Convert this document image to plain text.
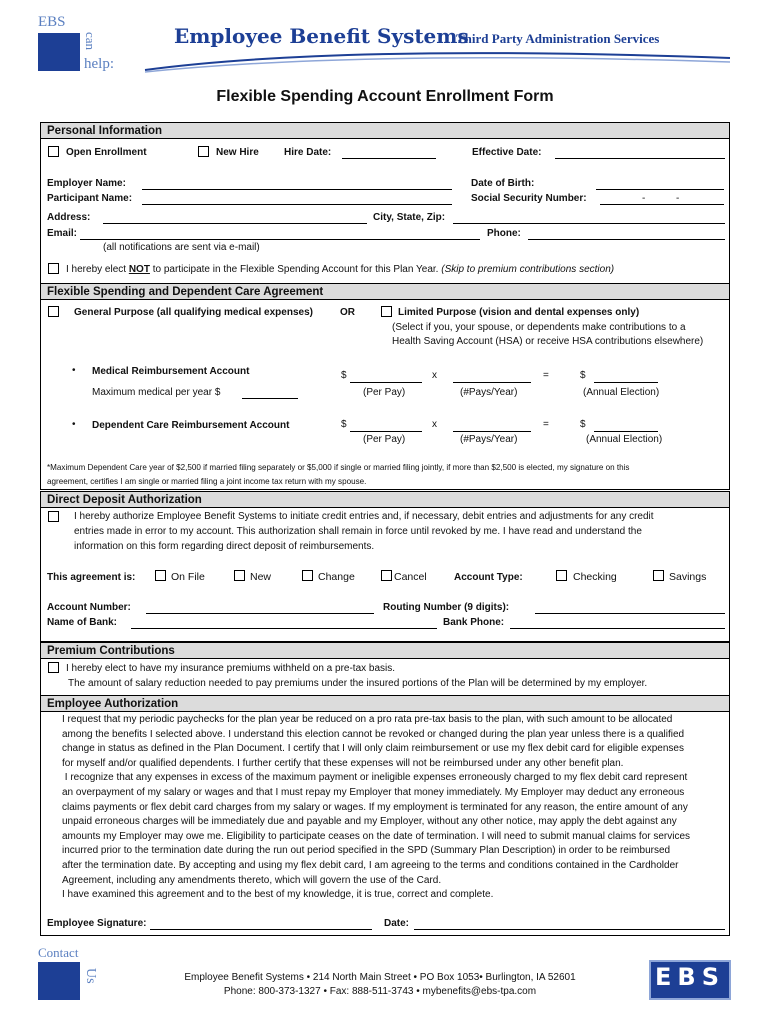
EBS
can
help:
Employee Benefit Systems
Third Party Administration Services
Flexible Spending Account Enrollment Form
Personal Information
Open Enrollment	New Hire	Hire Date:	Effective Date:
Employer Name:
Participant Name:
Date of Birth:
Social Security Number:	-	-
Address:	City, State, Zip:
Email:	Phone:
(all notifications are sent via e-mail)
I hereby elect NOT to participate in the Flexible Spending Account for this Plan Year. (Skip to premium contributions section)
Flexible Spending and Dependent Care Agreement
General Purpose (all qualifying medical expenses)	OR	Limited Purpose (vision and dental expenses only)
(Select if you, your spouse, or dependents make contributions to a
Health Saving Account (HSA) or receive HSA contributions elsewhere)
• Medical Reimbursement Account
Maximum medical per year $
$	x	=	$
(Per Pay)	(#Pays/Year)	(Annual Election)
• Dependent Care Reimbursement Account	$	x	=	$
(Per Pay)	(#Pays/Year)	(Annual Election)
*Maximum Dependent Care year of $2,500 if married filing separately or $5,000 if single or married filing jointly, if more than $2,500 is elected, my signature on this
agreement, certifies I am single or married filing a joint income tax return with my spouse.
Direct Deposit Authorization
I hereby authorize Employee Benefit Systems to initiate credit entries and, if necessary, debit entries and adjustments for any credit
entries made in error to my account. This authorization shall remain in force until revoked by me. I have read and understand the
information on this form regarding direct deposit of reimbursements.
This agreement is:	On File	New	Change	Cancel	Account Type:	Checking	Savings
Account Number:	Routing Number (9 digits):
Name of Bank:	Bank Phone:
Premium Contributions
I hereby elect to have my insurance premiums withheld on a pre-tax basis.
The amount of salary reduction needed to pay premiums under the insured portions of the Plan will be determined by my employer.
Employee Authorization
I request that my periodic paychecks for the plan year be reduced on a pro rata pre-tax basis to the plan, with such amount to be allocated
among the benefits I selected above. I understand this election cannot be revoked or changed during the plan year unless there is a qualified
change in status as defined in the Plan Document. I certify that I will only claim reimbursement or use my flex debit card for eligible expenses
for myself and/or qualified dependents. I further certify that these expenses will not be reimbursed under any other benefit plan.
I recognize that any expenses in excess of the maximum payment or ineligible expenses erroneously charged to my flex debit card represent
an overpayment of my salary or wages and that I must repay my Employer that money immediately. My Employer may deduct any erroneous
claims payments or flex debit card charges from my salary or wages. If my employment is terminated for any reason, the entire amount of any
unpaid erroneous charges will be immediately due and payable and my Employer, without any other notice, may apply the debt against any
amounts my Employer may owe me. Eligibility to participate ceases on the date of termination. I will need to submit manual claims for services
incurred prior to the termination date during the run out period specified in the SPD (Summary Plan Description) in order to be reimbursed
after the termination date. By accepting and using my flex debit card, I am agreeing to the terms and conditions contained in the Cardholder
Agreement, including any amendments thereto, which will govern the use of the Card.
I have examined this agreement and to the best of my knowledge, it is true, correct and complete.
Employee Signature:	Date:
Contact
Us	Employee Benefit Systems • 214 North Main Street • PO Box 1053• Burlington, IA 52601
Phone: 800-373-1327 • Fax: 888-511-3743 • mybenefits@ebs-tpa.com
EBS
